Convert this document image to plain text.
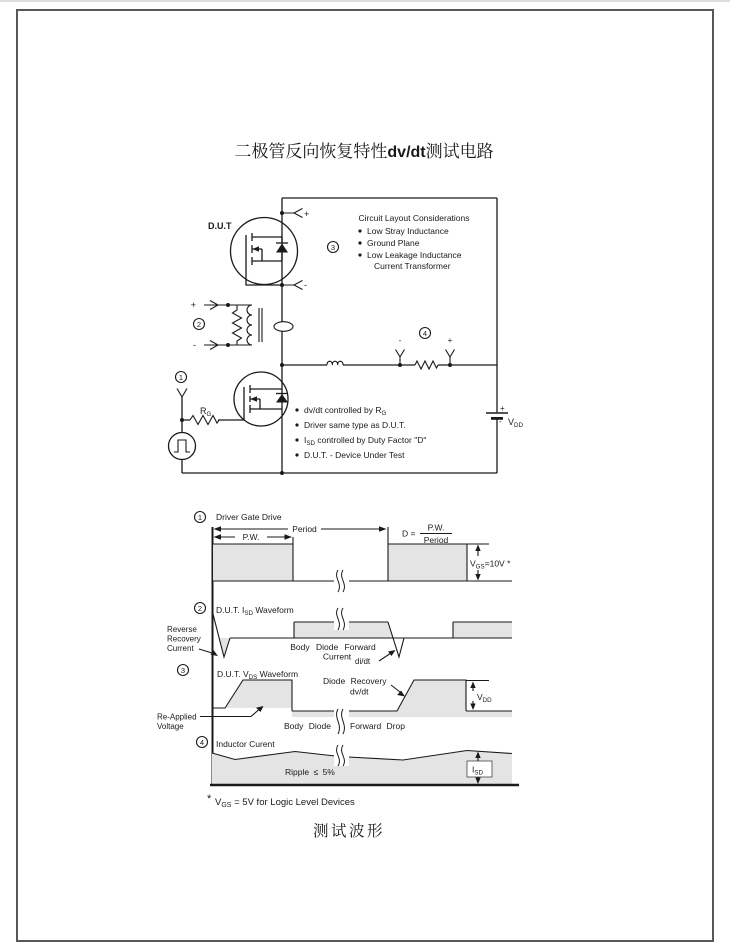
二极管反向恢复特性dv/dt测试电路
D.U.T
+
-
3
+
-
2
1
RG
-	+
4
+
- VDD
Circuit Layout Considerations
Low Stray Inductance
Ground Plane
Low Leakage Inductance
Current Transformer
dv/dt controlled by RG
Driver same type as D.U.T.
ISD controlled by Duty Factor "D"
D.U.T. - Device Under Test
Period
P.W.	D =
P.W.
Period
VGS=10V *
1 Driver Gate Drive
2 D.U.T. ISD Waveform
Reverse
Recovery
Current	Body Diode Forward
Current di/dt
3	D.U.T. VDS Waveform
Diode Recovery
dv/dt
VDD
Re-Applied
Voltage	Body Diode Forward Drop
4 Inductor Curent
Ripple ≤ 5%	ISD
* VGS = 5V for Logic Level Devices
测试波形
